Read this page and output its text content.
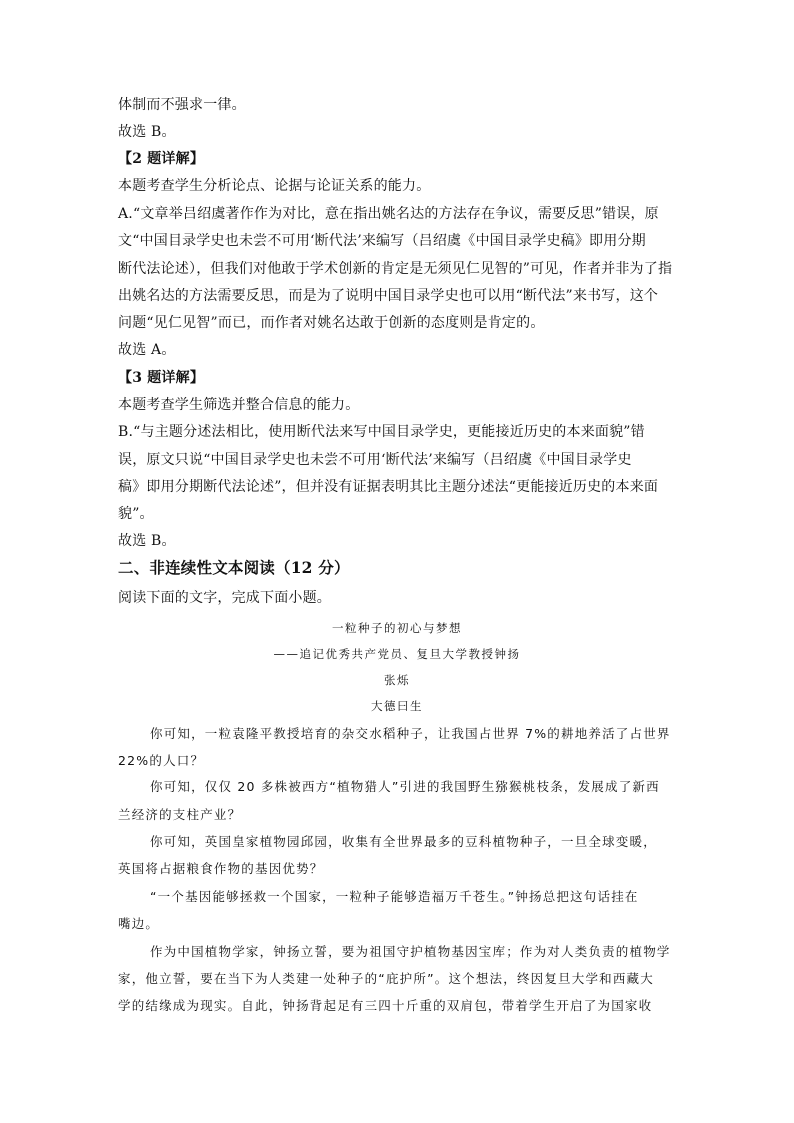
体制而不强求一律。
故选 B。
【2 题详解】
本题考查学生分析论点、论据与论证关系的能力。
A.“文章举吕绍虞著作作为对比，意在指出姚名达的方法存在争议，需要反思”错误，原
文“中国目录学史也未尝不可用‘断代法’来编写（吕绍虞《中国目录学史稿》即用分期
断代法论述），但我们对他敢于学术创新的肯定是无须见仁见智的”可见，作者并非为了指
出姚名达的方法需要反思，而是为了说明中国目录学史也可以用“断代法”来书写，这个
问题“见仁见智”而已，而作者对姚名达敢于创新的态度则是肯定的。
故选 A。
【3 题详解】
本题考查学生筛选并整合信息的能力。
B.“与主题分述法相比，使用断代法来写中国目录学史，更能接近历史的本来面貌”错
误，原文只说“中国目录学史也未尝不可用‘断代法’来编写（吕绍虞《中国目录学史
稿》即用分期断代法论述”，但并没有证据表明其比主题分述法“更能接近历史的本来面
貌”。
故选 B。
二、非连续性文本阅读（12 分）
阅读下面的文字，完成下面小题。
一粒种子的初心与梦想
——追记优秀共产党员、复旦大学教授钟扬
张烁
大德曰生
你可知，一粒袁隆平教授培育的杂交水稻种子，让我国占世界 7%的耕地养活了占世界
22%的人口？
你可知，仅仅 20 多株被西方“植物猎人”引进的我国野生猕猴桃枝条，发展成了新西
兰经济的支柱产业？
你可知，英国皇家植物园邱园，收集有全世界最多的豆科植物种子，一旦全球变暖，
英国将占据粮食作物的基因优势？
“一个基因能够拯救一个国家，一粒种子能够造福万千苍生。”钟扬总把这句话挂在
嘴边。
作为中国植物学家，钟扬立誓，要为祖国守护植物基因宝库；作为对人类负责的植物学
家，他立誓，要在当下为人类建一处种子的“庇护所”。这个想法，终因复旦大学和西藏大
学的结缘成为现实。自此，钟扬背起足有三四十斤重的双肩包，带着学生开启了为国家收
